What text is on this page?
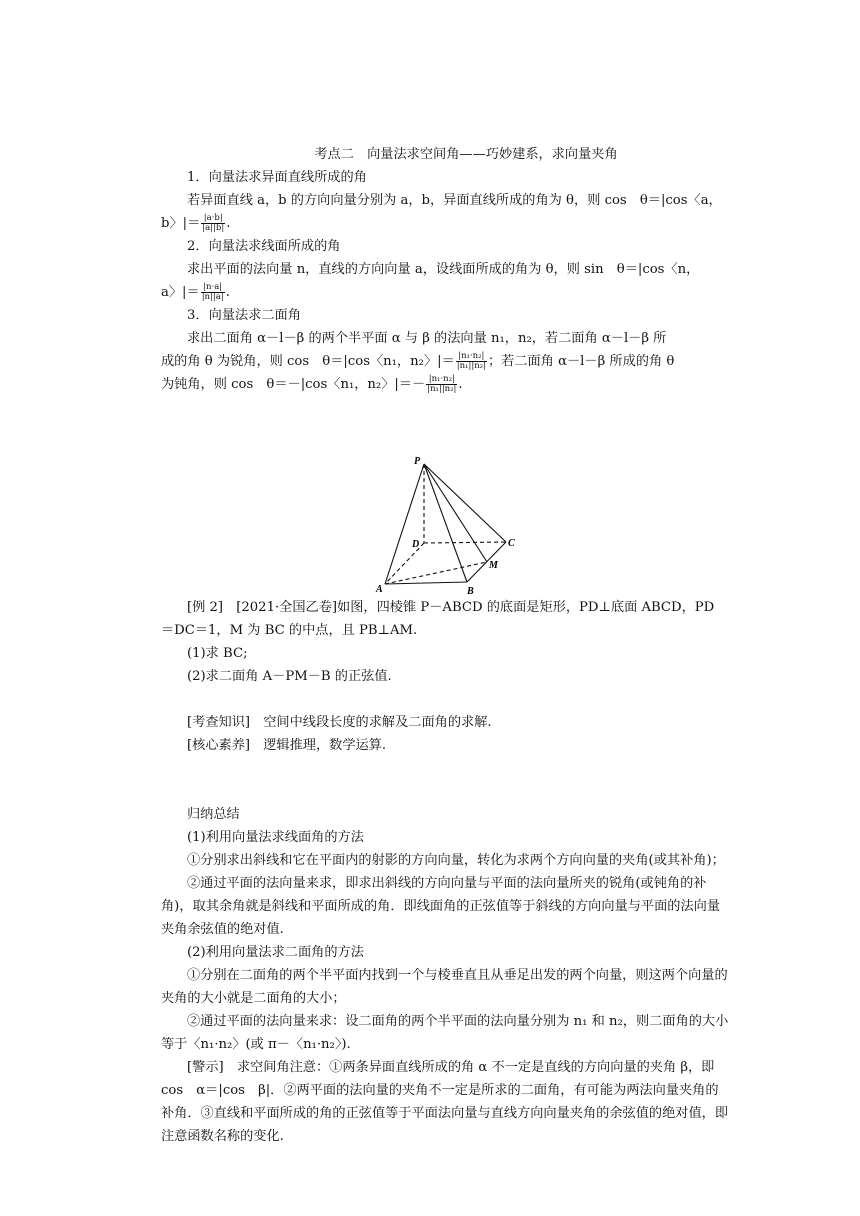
考点二　向量法求空间角——巧妙建系，求向量夹角

1．向量法求异面直线所成的角

若异面直线 a，b 的方向向量分别为 a，b，异面直线所成的角为 θ，则 cos　θ＝|cos〈a，

b〉|＝ $\frac{|a\cdot b|}{|a||b|}$ .

2．向量法求线面所成的角

求出平面的法向量 n，直线的方向向量 a，设线面所成的角为 θ，则 sin　θ＝|cos〈n，

a〉|＝ $\frac{|n\cdot a|}{|n||a|}$ .

3．向量法求二面角

求出二面角 α－l－β 的两个半平面 α 与 β 的法向量 n₁，n₂，若二面角 α－l－β 所

成的角 θ 为锐角，则 cos　θ＝|cos〈n₁，n₂〉|＝ $\frac{\text{|n₁·n₂|}}{\text{|n₁||n₂|}}$ ；若二面角 α－l－β 所成的角 θ

为钝角，则 cos　θ＝－|cos〈n₁，n₂〉|＝－ $\frac{\text{|n₁·n₂|}}{\text{|n₁||n₂|}}$ .

P
D	C
M
A	B

[例 2]　[2021·全国乙卷]如图，四棱锥 P－ABCD 的底面是矩形，PD⊥底面 ABCD，PD

＝DC＝1，M 为 BC 的中点，且 PB⊥AM.

(1)求 BC;

(2)求二面角 A－PM－B 的正弦值.

[考查知识]　空间中线段长度的求解及二面角的求解.

[核心素养]　逻辑推理，数学运算.

归纳总结

(1)利用向量法求线面角的方法

①分别求出斜线和它在平面内的射影的方向向量，转化为求两个方向向量的夹角(或其补角)；

②通过平面的法向量来求，即求出斜线的方向向量与平面的法向量所夹的锐角(或钝角的补角)，取其余角就是斜线和平面所成的角．即线面角的正弦值等于斜线的方向向量与平面的法向量夹角余弦值的绝对值.

(2)利用向量法求二面角的方法

①分别在二面角的两个半平面内找到一个与棱垂直且从垂足出发的两个向量，则这两个向量的夹角的大小就是二面角的大小；

②通过平面的法向量来求：设二面角的两个半平面的法向量分别为 n₁ 和 n₂，则二面角的大小等于〈n₁·n₂〉(或 π－〈n₁·n₂〉).

[警示]　求空间角注意：①两条异面直线所成的角 α 不一定是直线的方向向量的夹角 β，即 cos　α＝|cos　β|．②两平面的法向量的夹角不一定是所求的二面角，有可能为两法向量夹角的补角．③直线和平面所成的角的正弦值等于平面法向量与直线方向向量夹角的余弦值的绝对值，即注意函数名称的变化.
